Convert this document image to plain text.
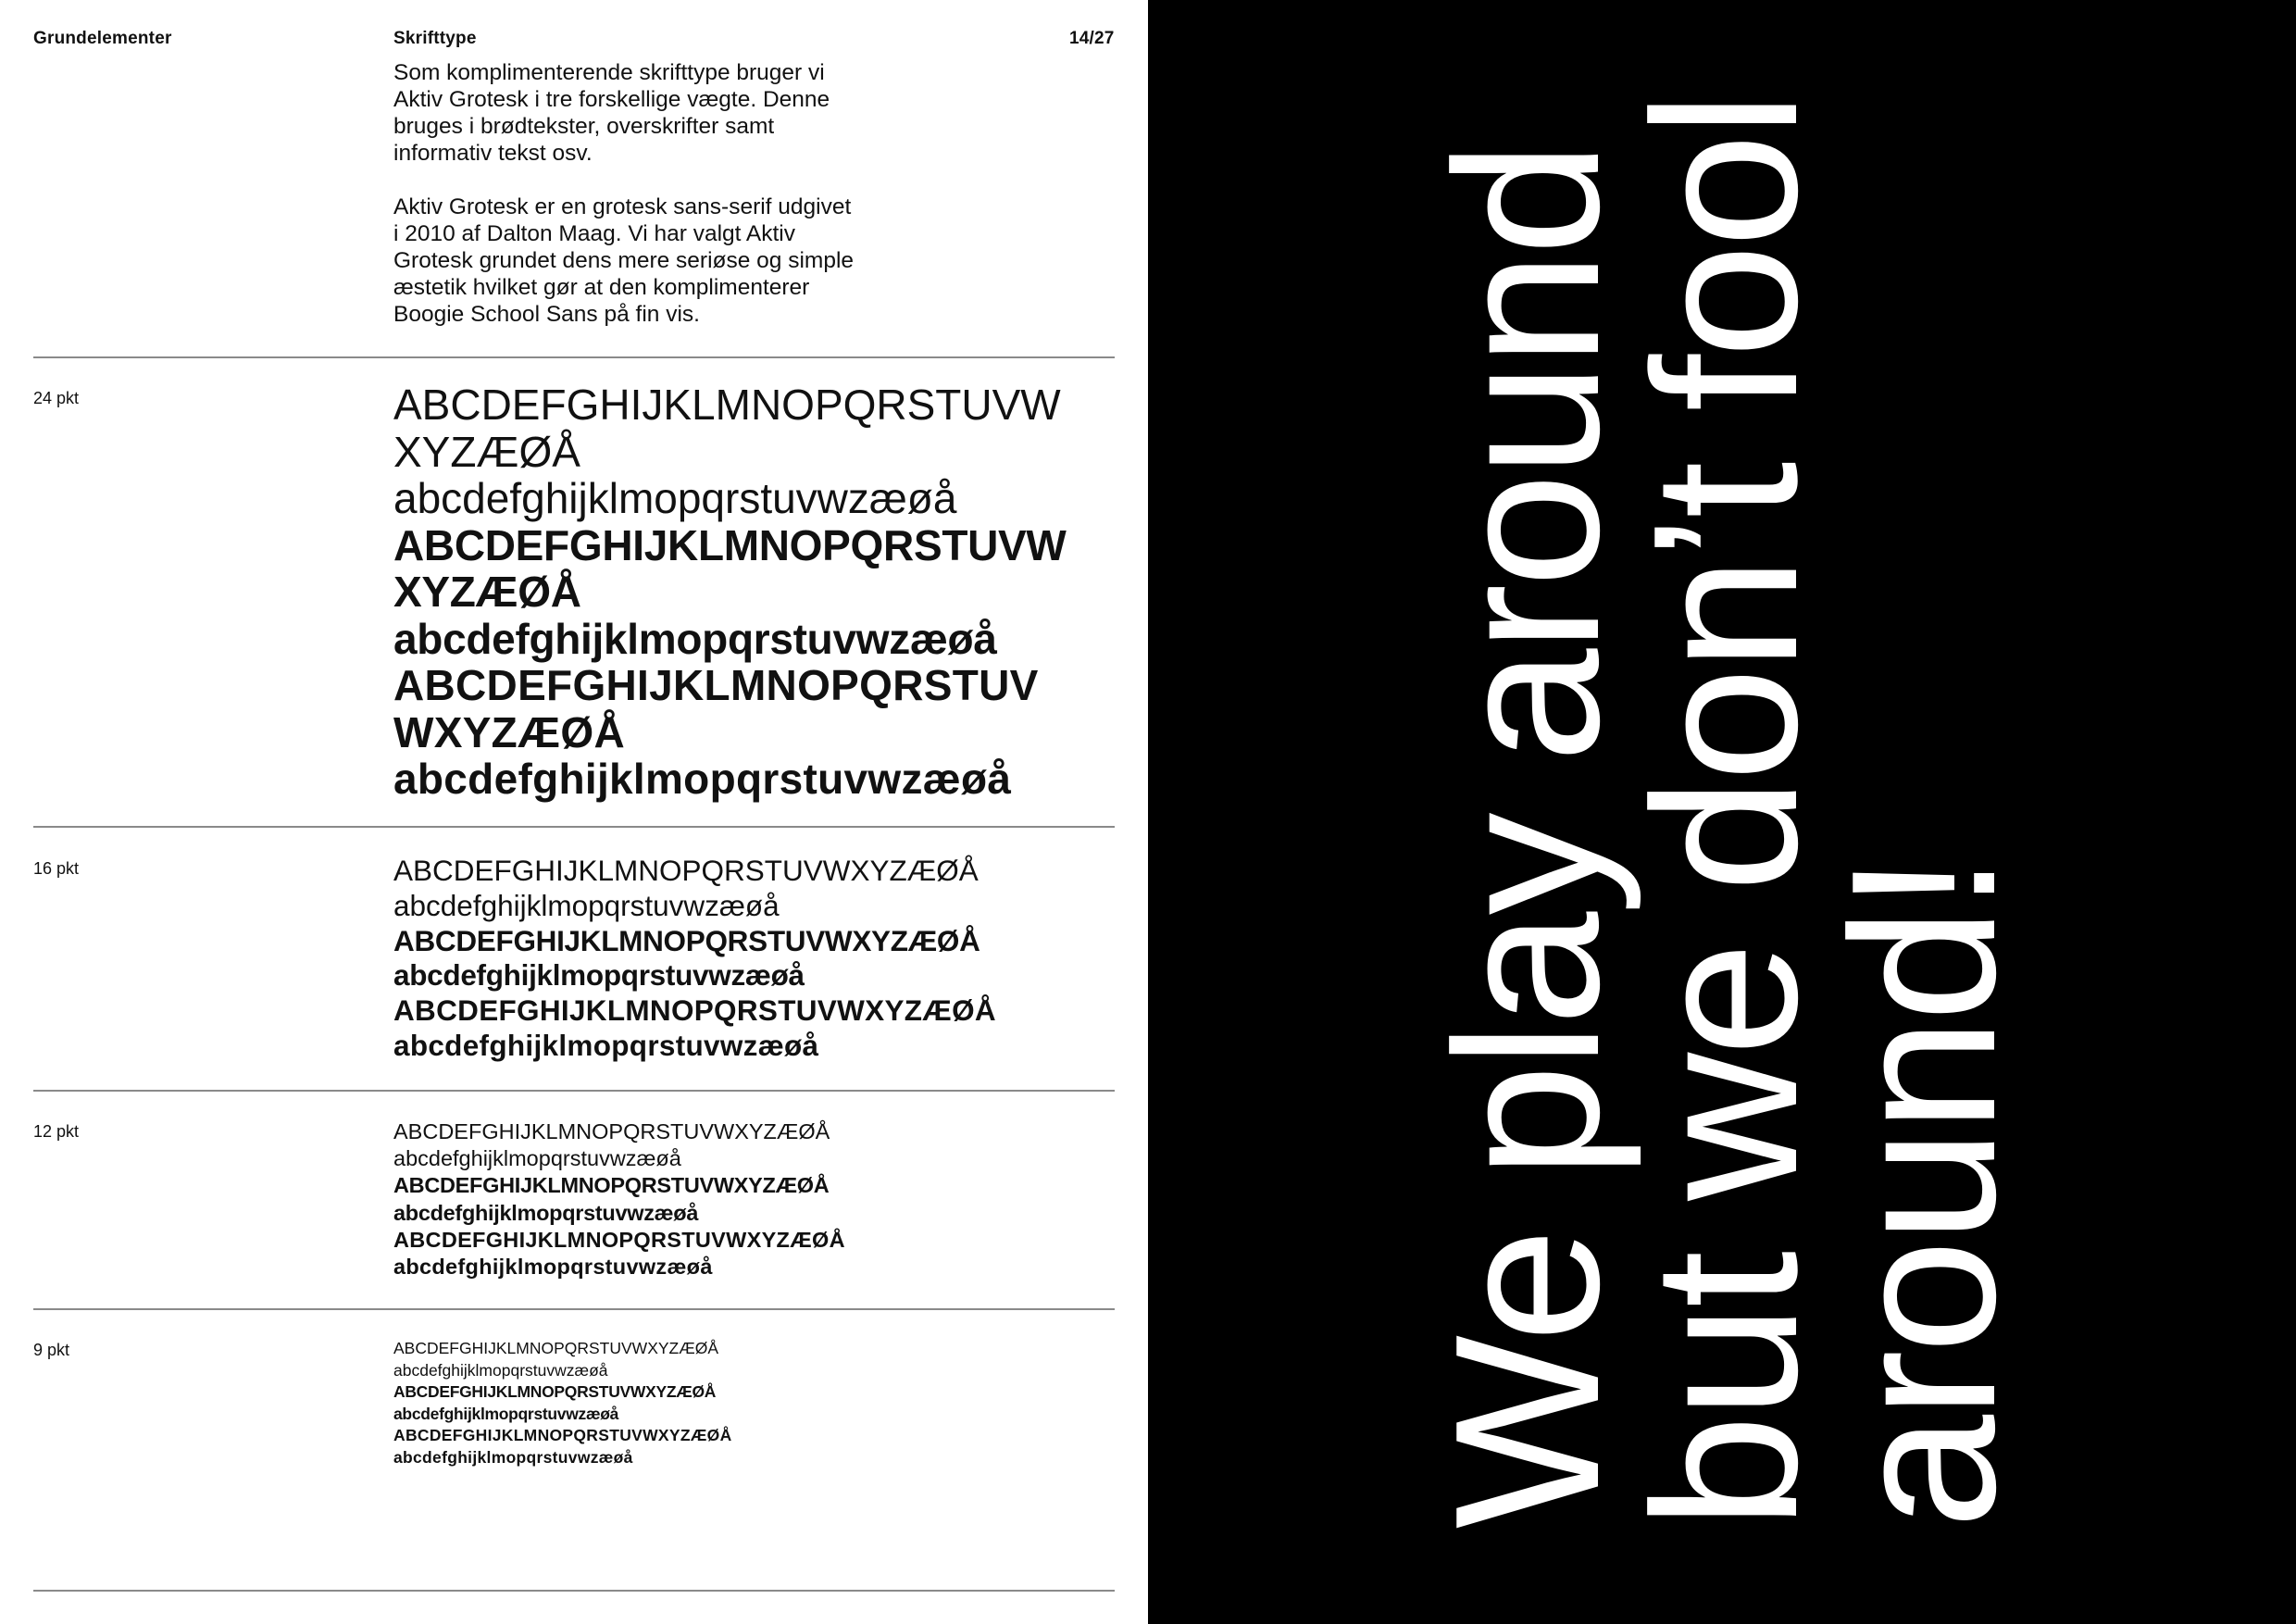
Grundelementer	Skrifttype	14/27

Som komplimenterende skrifttype bruger vi Aktiv Grotesk i tre forskellige vægte. Denne bruges i brødtekster, overskrifter samt informativ tekst osv.

Aktiv Grotesk er en grotesk sans-serif udgivet i 2010 af Dalton Maag. Vi har valgt Aktiv Grotesk grundet dens mere seriøse og simple æstetik hvilket gør at den komplimenterer Boogie School Sans på fin vis.

24 pkt	ABCDEFGHIJKLMNOPQRSTUVW
XYZÆØÅ
abcdefghijklmopqrstuvwzæøå
ABCDEFGHIJKLMNOPQRSTUVW
XYZÆØÅ
abcdefghijklmopqrstuvwzæøå
ABCDEFGHIJKLMNOPQRSTUV
WXYZÆØÅ
abcdefghijklmopqrstuvwzæøå
16 pkt	ABCDEFGHIJKLMNOPQRSTUVWXYZÆØÅ
abcdefghijklmopqrstuvwzæøå
ABCDEFGHIJKLMNOPQRSTUVWXYZÆØÅ
abcdefghijklmopqrstuvwzæøå
ABCDEFGHIJKLMNOPQRSTUVWXYZÆØÅ
abcdefghijklmopqrstuvwzæøå
12 pkt	ABCDEFGHIJKLMNOPQRSTUVWXYZÆØÅ
abcdefghijklmopqrstuvwzæøå
ABCDEFGHIJKLMNOPQRSTUVWXYZÆØÅ
abcdefghijklmopqrstuvwzæøå
ABCDEFGHIJKLMNOPQRSTUVWXYZÆØÅ
abcdefghijklmopqrstuvwzæøå
9 pkt	ABCDEFGHIJKLMNOPQRSTUVWXYZÆØÅ
abcdefghijklmopqrstuvwzæøå
ABCDEFGHIJKLMNOPQRSTUVWXYZÆØÅ
abcdefghijklmopqrstuvwzæøå
ABCDEFGHIJKLMNOPQRSTUVWXYZÆØÅ
abcdefghijklmopqrstuvwzæøå	We play around
but we don’t fool
around!
